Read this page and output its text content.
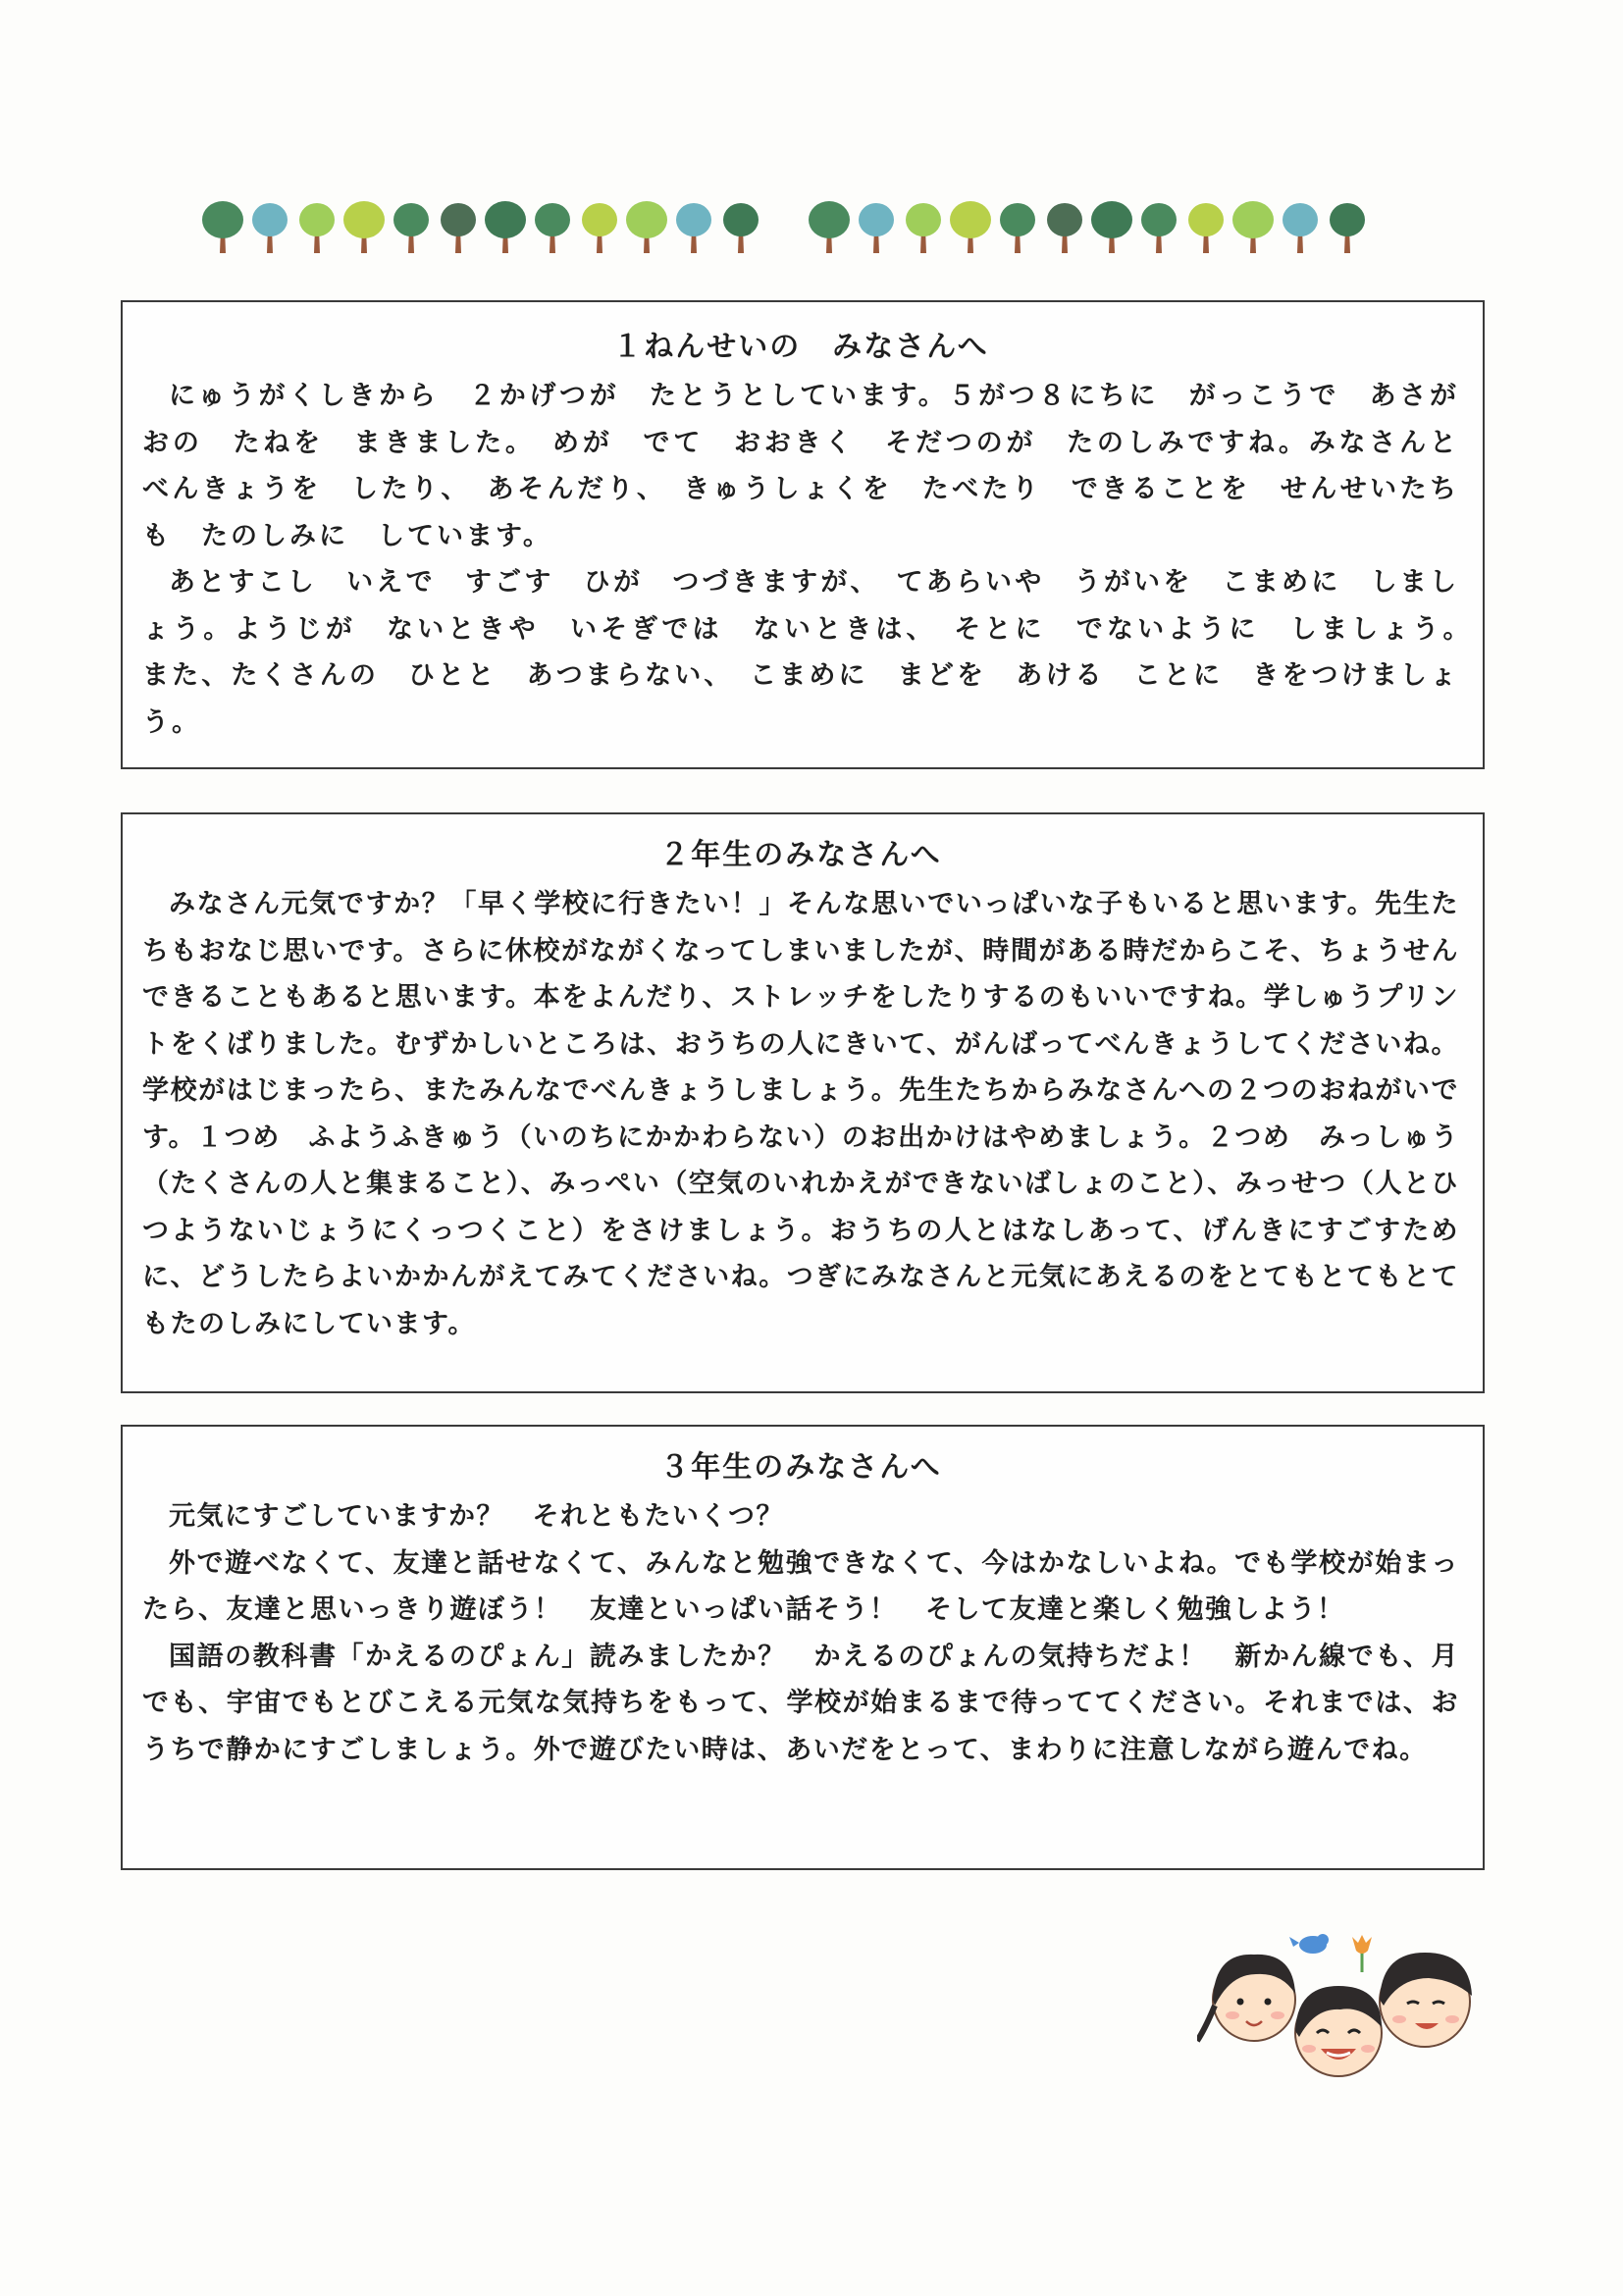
１ねんせいの　みなさんへ

にゅうがくしきから　２かげつが　たとうとしています。５がつ８にちに　がっこうで　あさがおの　たねを　まきました。　めが　でて　おおきく　そだつのが　たのしみですね。みなさんと　べんきょうを　したり、　あそんだり、　きゅうしょくを　たべたり　できることを　せんせいたちも　たのしみに　しています。

あとすこし　いえで　すごす　ひが　つづきますが、　てあらいや　うがいを　こまめに　しましょう。ようじが　ないときや　いそぎでは　ないときは、　そとに　でないように　しましょう。　また、たくさんの　ひとと　あつまらない、　こまめに　まどを　あける　ことに　きをつけましょう。

２年生のみなさんへ

みなさん元気ですか？「早く学校に行きたい！」そんな思いでいっぱいな子もいると思います。先生たちもおなじ思いです。さらに休校がながくなってしまいましたが、時間がある時だからこそ、ちょうせんできることもあると思います。本をよんだり、ストレッチをしたりするのもいいですね。学しゅうプリントをくばりました。むずかしいところは、おうちの人にきいて、がんばってべんきょうしてくださいね。学校がはじまったら、またみんなでべんきょうしましょう。先生たちからみなさんへの２つのおねがいです。１つめ　ふようふきゅう（いのちにかかわらない）のお出かけはやめましょう。２つめ　みっしゅう（たくさんの人と集まること）、みっぺい（空気のいれかえができないばしょのこと）、みっせつ（人とひつようないじょうにくっつくこと）をさけましょう。おうちの人とはなしあって、げんきにすごすために、どうしたらよいかかんがえてみてくださいね。つぎにみなさんと元気にあえるのをとてもとてもとてもたのしみにしています。

３年生のみなさんへ

元気にすごしていますか？　それともたいくつ？

外で遊べなくて、友達と話せなくて、みんなと勉強できなくて、今はかなしいよね。でも学校が始まったら、友達と思いっきり遊ぼう！　友達といっぱい話そう！　そして友達と楽しく勉強しよう！

国語の教科書「かえるのぴょん」読みましたか？　かえるのぴょんの気持ちだよ！　新かん線でも、月でも、宇宙でもとびこえる元気な気持ちをもって、学校が始まるまで待っててください。それまでは、おうちで静かにすごしましょう。外で遊びたい時は、あいだをとって、まわりに注意しながら遊んでね。
